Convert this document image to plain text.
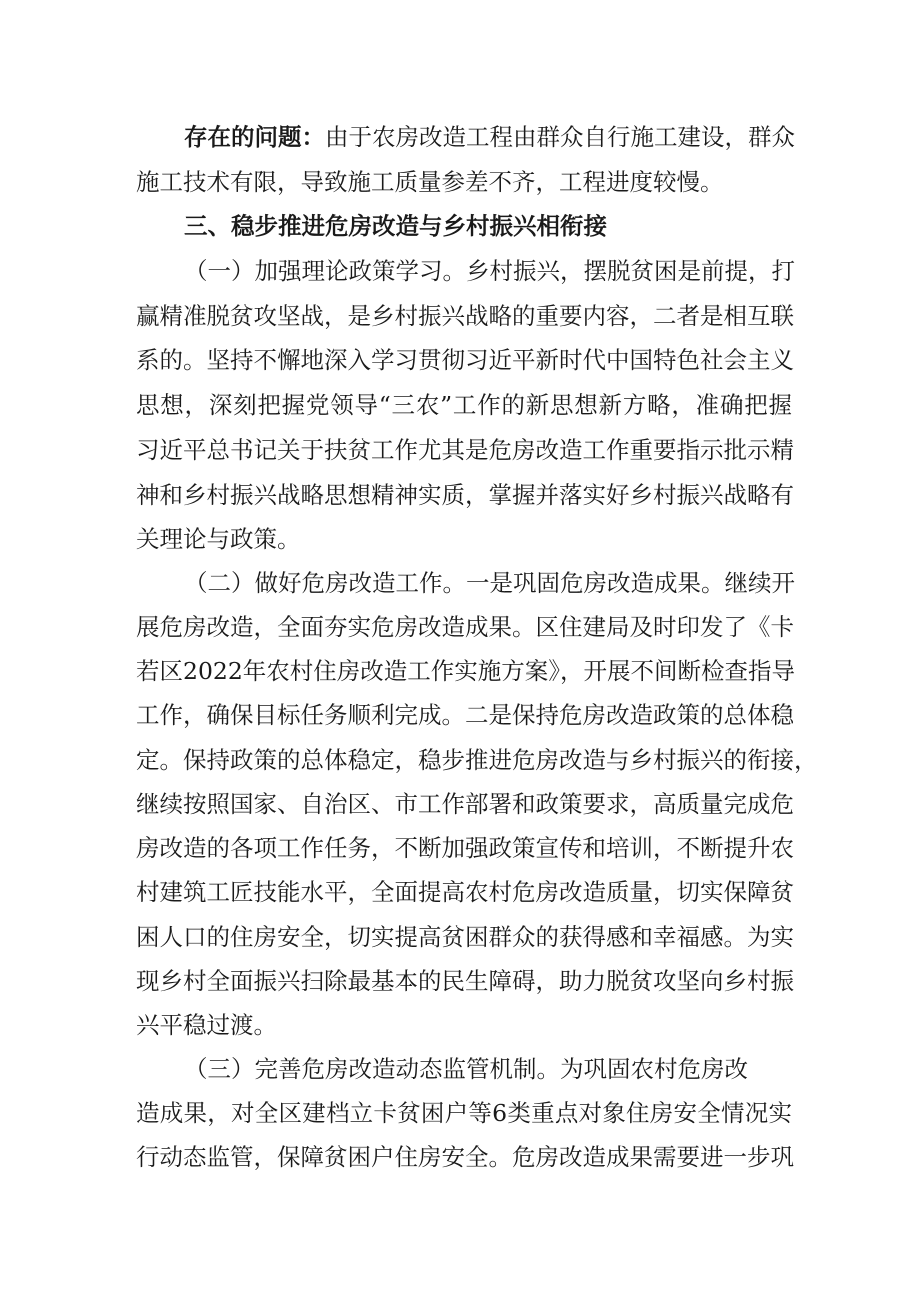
存在的问题：由于农房改造工程由群众自行施工建设，群众
施工技术有限，导致施工质量参差不齐，工程进度较慢。
三、稳步推进危房改造与乡村振兴相衔接
（一）加强理论政策学习。乡村振兴，摆脱贫困是前提，打
赢精准脱贫攻坚战，是乡村振兴战略的重要内容，二者是相互联
系的。坚持不懈地深入学习贯彻习近平新时代中国特色社会主义
思想，深刻把握党领导“三农”工作的新思想新方略，准确把握
习近平总书记关于扶贫工作尤其是危房改造工作重要指示批示精
神和乡村振兴战略思想精神实质，掌握并落实好乡村振兴战略有
关理论与政策。
（二）做好危房改造工作。一是巩固危房改造成果。继续开
展危房改造，全面夯实危房改造成果。区住建局及时印发了《卡
若区2022年农村住房改造工作实施方案》，开展不间断检查指导
工作，确保目标任务顺利完成。二是保持危房改造政策的总体稳
定。保持政策的总体稳定，稳步推进危房改造与乡村振兴的衔接，
继续按照国家、自治区、市工作部署和政策要求，高质量完成危
房改造的各项工作任务，不断加强政策宣传和培训，不断提升农
村建筑工匠技能水平，全面提高农村危房改造质量，切实保障贫
困人口的住房安全，切实提高贫困群众的获得感和幸福感。为实
现乡村全面振兴扫除最基本的民生障碍，助力脱贫攻坚向乡村振
兴平稳过渡。
（三）完善危房改造动态监管机制。为巩固农村危房改
造成果，对全区建档立卡贫困户等6类重点对象住房安全情况实
行动态监管，保障贫困户住房安全。危房改造成果需要进一步巩
